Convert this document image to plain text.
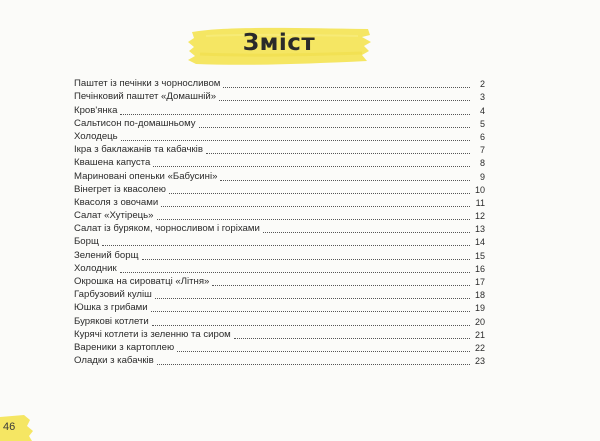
Зміст
Паштет із печінки з чорносливом	2
Печінковий паштет «Домашній»	3
Кров'янка	4
Сальтисон по-домашньому	5
Холодець	6
Ікра з баклажанів та кабачків	7
Квашена капуста	8
Мариновані опеньки «Бабусині»	9
Вінегрет із квасолею	10
Квасоля з овочами	11
Салат «Хутірець»	12
Салат із буряком, чорносливом і горіхами	13
Борщ	14
Зелений борщ	15
Холодник	16
Окрошка на сироватці «Літня»	17
Гарбузовий куліш	18
Юшка з грибами	19
Бурякові котлети	20
Курячі котлети із зеленню та сиром	21
Вареники з картоплею	22
Оладки з кабачків	23
46
